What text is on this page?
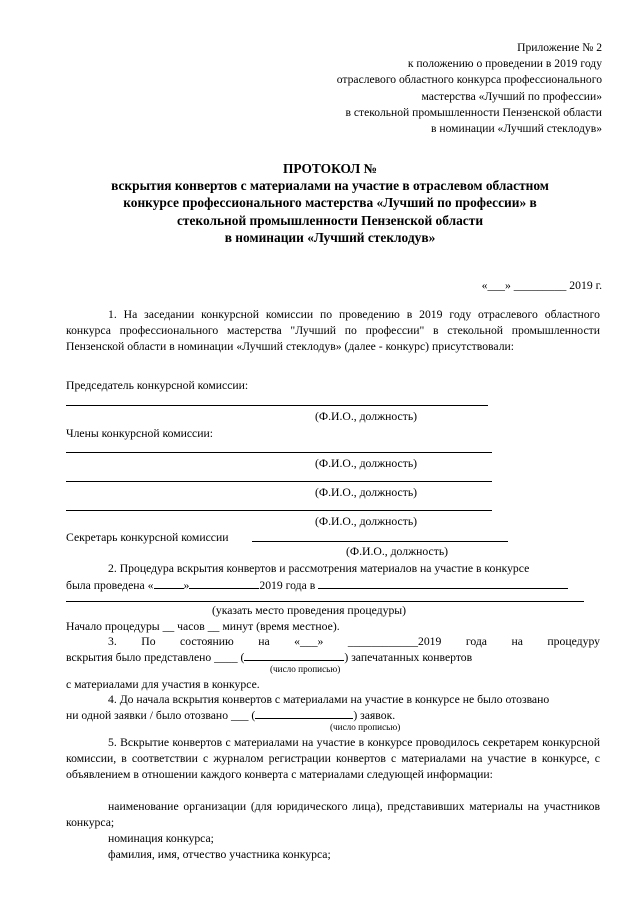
Приложение № 2
к положению о проведении в 2019 году
отраслевого областного конкурса профессионального
мастерства «Лучший по профессии»
в стекольной промышленности Пензенской области
в номинации «Лучший стеклодув»
ПРОТОКОЛ №
вскрытия конвертов с материалами на участие в отраслевом областном
конкурсе профессионального мастерства «Лучший по профессии» в
стекольной промышленности Пензенской области
в номинации «Лучший стеклодув»
«___» _________ 2019 г.
1. На заседании конкурсной комиссии по проведению в 2019 году отраслевого областного конкурса профессионального мастерства "Лучший по профессии" в стекольной промышленности Пензенской области в номинации «Лучший стеклодув» (далее - конкурс) присутствовали:
Председатель конкурсной комиссии:
(Ф.И.О., должность)
Члены конкурсной комиссии:
(Ф.И.О., должность)
(Ф.И.О., должность)
(Ф.И.О., должность)
Секретарь конкурсной комиссии
(Ф.И.О., должность)
2. Процедура вскрытия конвертов и рассмотрения материалов на участие в конкурсе
была проведена «	»	2019 года в
(указать место проведения процедуры)
Начало процедуры __ часов __ минут (время местное).
3. По состоянию на «___» ____________2019 года на процедуру
вскрытия было представлено ____ (	) запечатанных конвертов
(число прописью)
с материалами для участия в конкурсе.
4. До начала вскрытия конвертов с материалами на участие в конкурсе не было отозвано
ни одной заявки / было отозвано ___ (	) заявок.
(число прописью)
5. Вскрытие конвертов с материалами на участие в конкурсе проводилось секретарем конкурсной комиссии, в соответствии с журналом регистрации конвертов с материалами на участие в конкурсе, с объявлением в отношении каждого конверта с материалами следующей информации:
наименование организации (для юридического лица), представивших материалы на участников конкурса;
номинация конкурса;
фамилия, имя, отчество участника конкурса;
